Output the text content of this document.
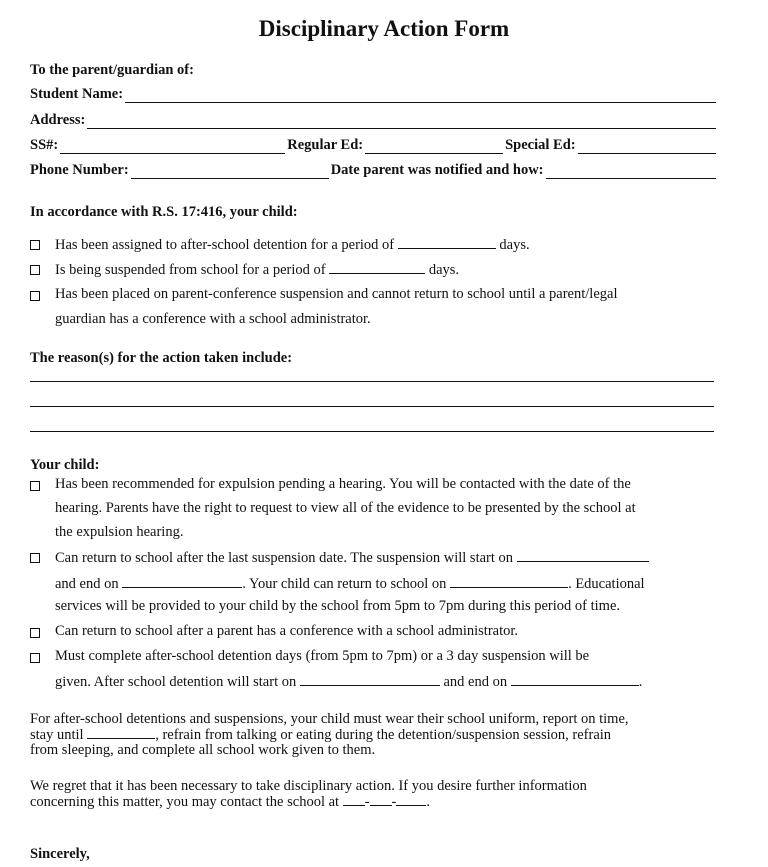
Disciplinary Action Form
To the parent/guardian of:
Student Name:
Address:
SS#:	Regular Ed:	Special Ed:
Phone Number:	Date parent was notified and how:
In accordance with R.S. 17:416, your child:
Has been assigned to after-school detention for a period of	days.
Is being suspended from school for a period of	days.
Has been placed on parent-conference suspension and cannot return to school until a parent/legal
guardian has a conference with a school administrator.
The reason(s) for the action taken include:
Your child:
Has been recommended for expulsion pending a hearing. You will be contacted with the date of the
hearing. Parents have the right to request to view all of the evidence to be presented by the school at
the expulsion hearing.
Can return to school after the last suspension date. The suspension will start on
and end on	. Your child can return to school on	. Educational
services will be provided to your child by the school from 5pm to 7pm during this period of time.
Can return to school after a parent has a conference with a school administrator.
Must complete after-school detention days (from 5pm to 7pm) or a 3 day suspension will be
given. After school detention will start on	and end on	.
For after-school detentions and suspensions, your child must wear their school uniform, report on time,
stay until	, refrain from talking or eating during the detention/suspension session, refrain
from sleeping, and complete all school work given to them.
We regret that it has been necessary to take disciplinary action. If you desire further information
concerning this matter, you may contact the school at - - .
Sincerely,
